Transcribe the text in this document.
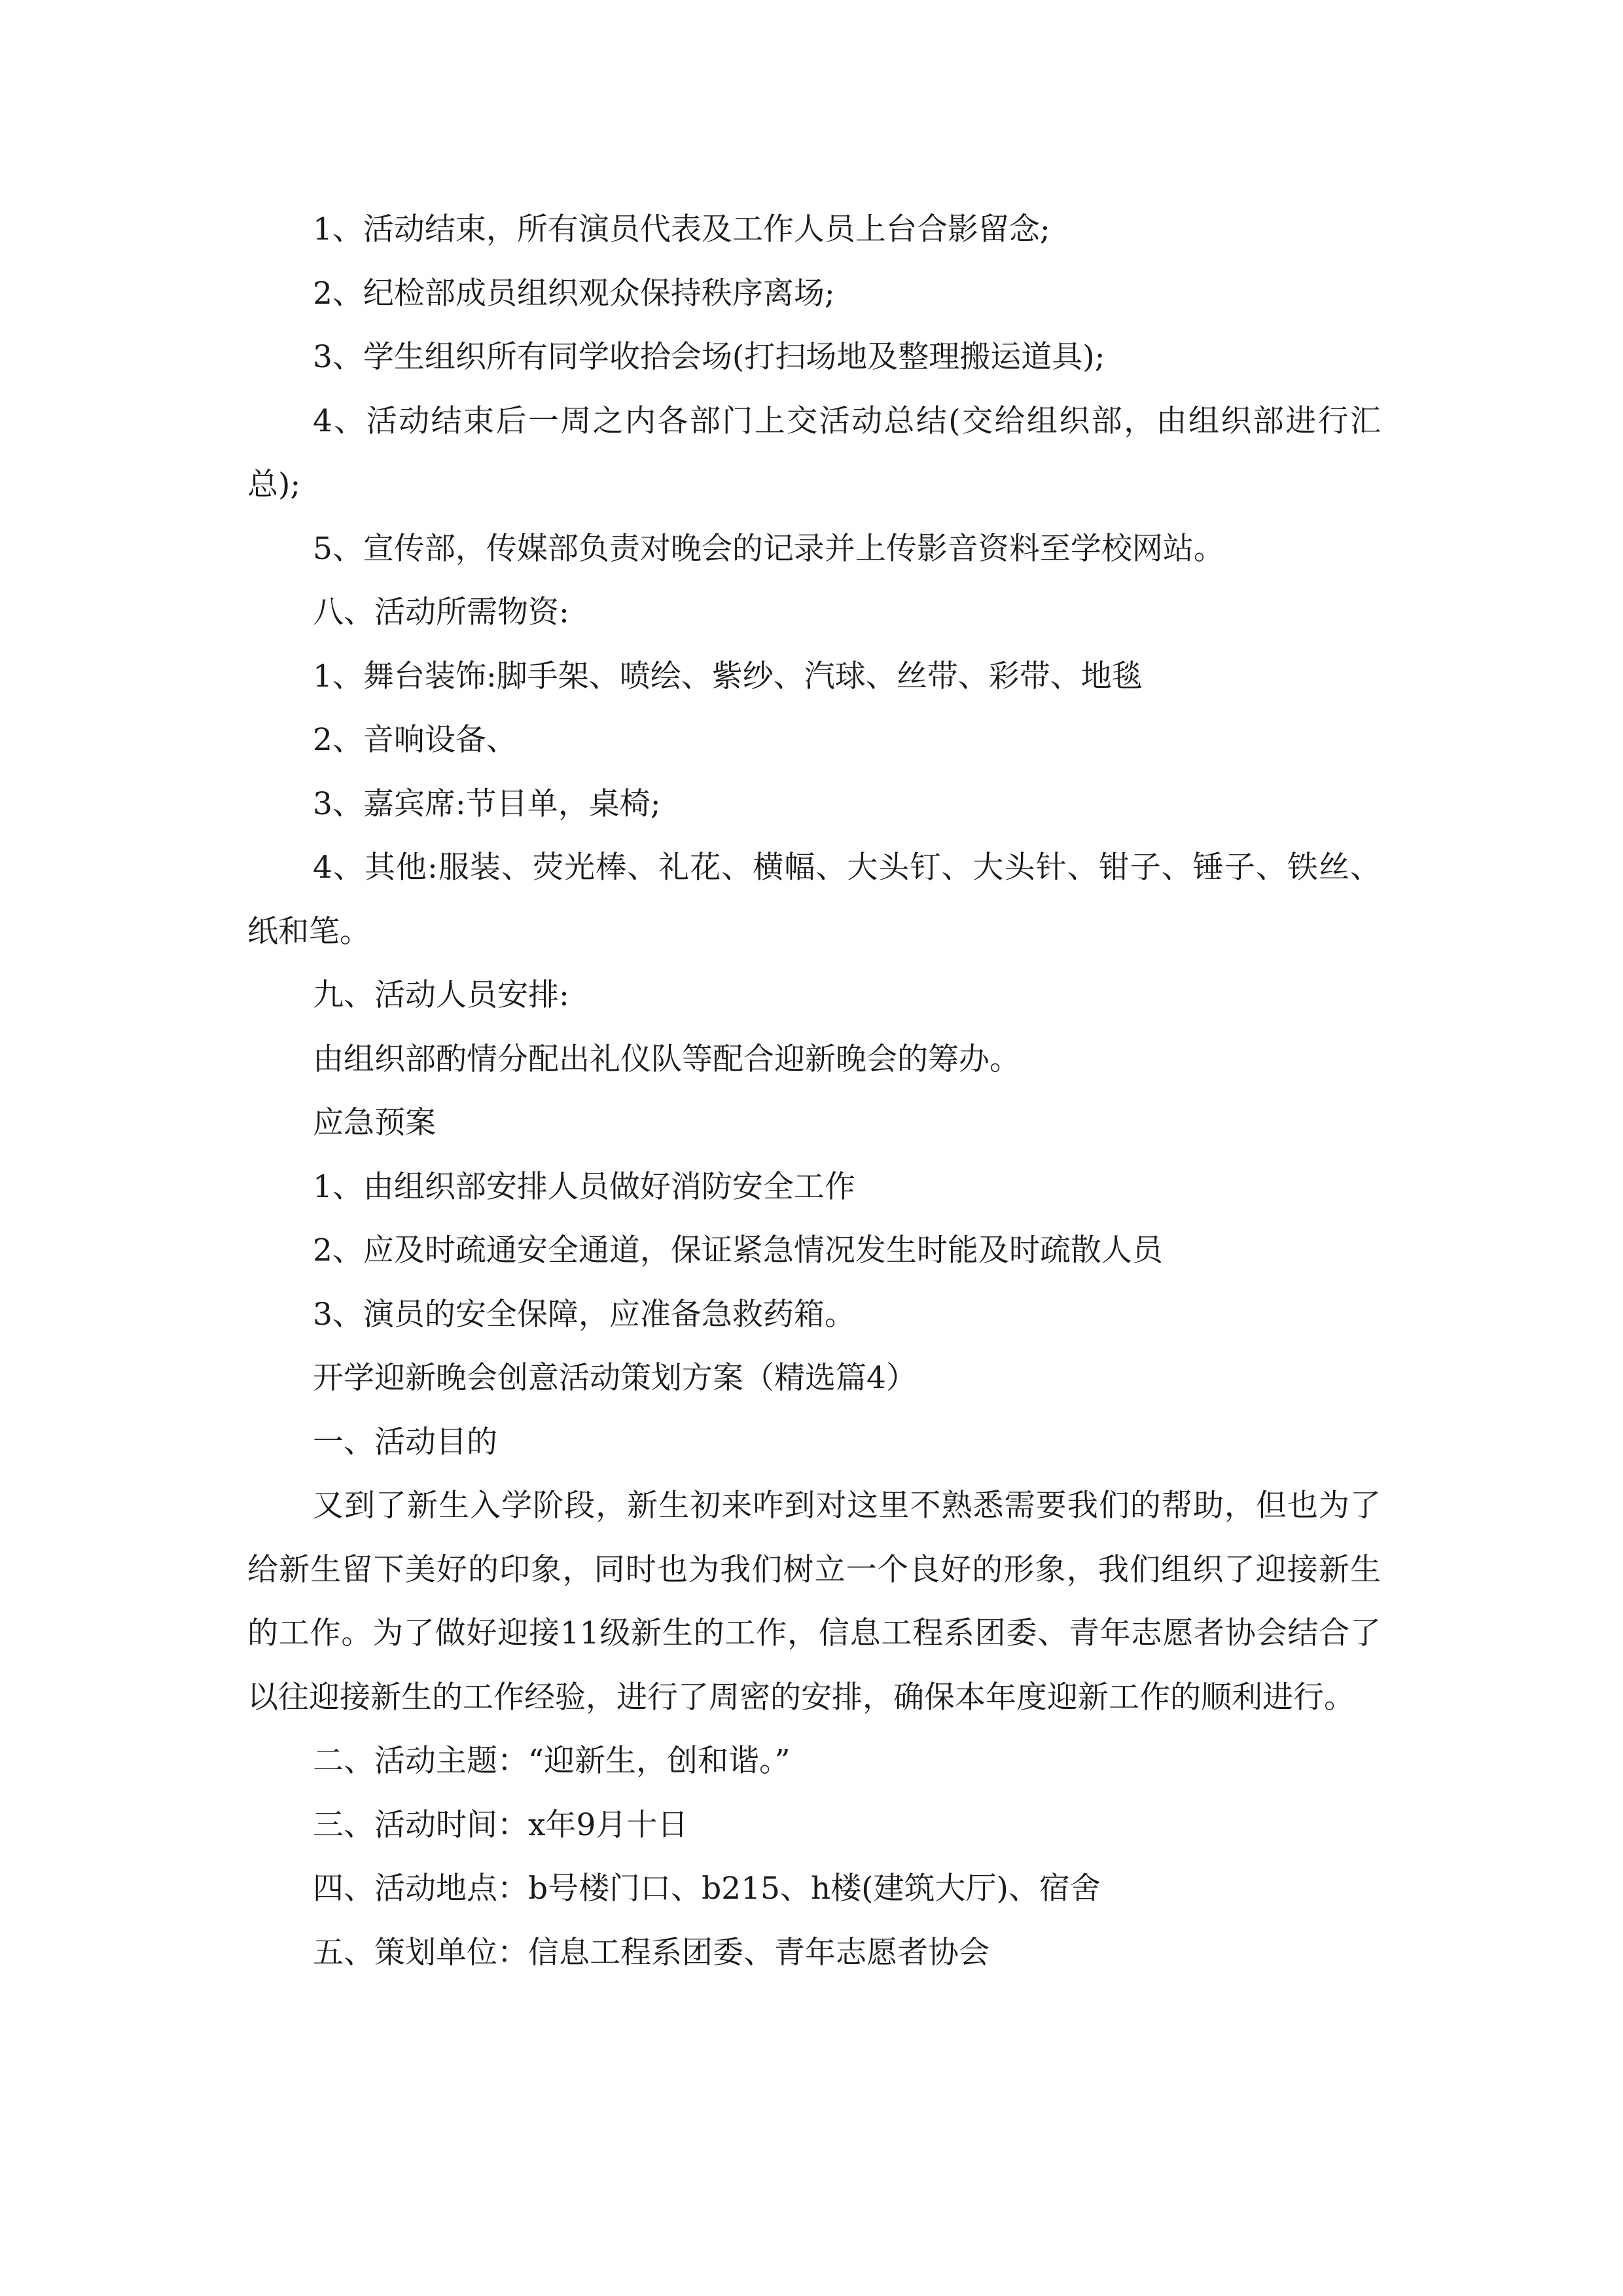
1、活动结束，所有演员代表及工作人员上台合影留念;

2、纪检部成员组织观众保持秩序离场;

3、学生组织所有同学收拾会场(打扫场地及整理搬运道具);

4、活动结束后一周之内各部门上交活动总结(交给组织部，由组织部进行汇总);

5、宣传部，传媒部负责对晚会的记录并上传影音资料至学校网站。

八、活动所需物资:

1、舞台装饰:脚手架、喷绘、紫纱、汽球、丝带、彩带、地毯

2、音响设备、

3、嘉宾席:节目单，桌椅;

4、其他:服装、荧光棒、礼花、横幅、大头钉、大头针、钳子、锤子、铁丝、纸和笔。

九、活动人员安排:

由组织部酌情分配出礼仪队等配合迎新晚会的筹办。

应急预案

1、由组织部安排人员做好消防安全工作

2、应及时疏通安全通道，保证紧急情况发生时能及时疏散人员

3、演员的安全保障，应准备急救药箱。

开学迎新晚会创意活动策划方案（精选篇4）

一、活动目的

又到了新生入学阶段，新生初来咋到对这里不熟悉需要我们的帮助，但也为了给新生留下美好的印象，同时也为我们树立一个良好的形象，我们组织了迎接新生的工作。为了做好迎接11级新生的工作，信息工程系团委、青年志愿者协会结合了以往迎接新生的工作经验，进行了周密的安排，确保本年度迎新工作的顺利进行。

二、活动主题：“迎新生，创和谐。”

三、活动时间：x年9月十日

四、活动地点：b号楼门口、b215、h楼(建筑大厅)、宿舍

五、策划单位：信息工程系团委、青年志愿者协会
